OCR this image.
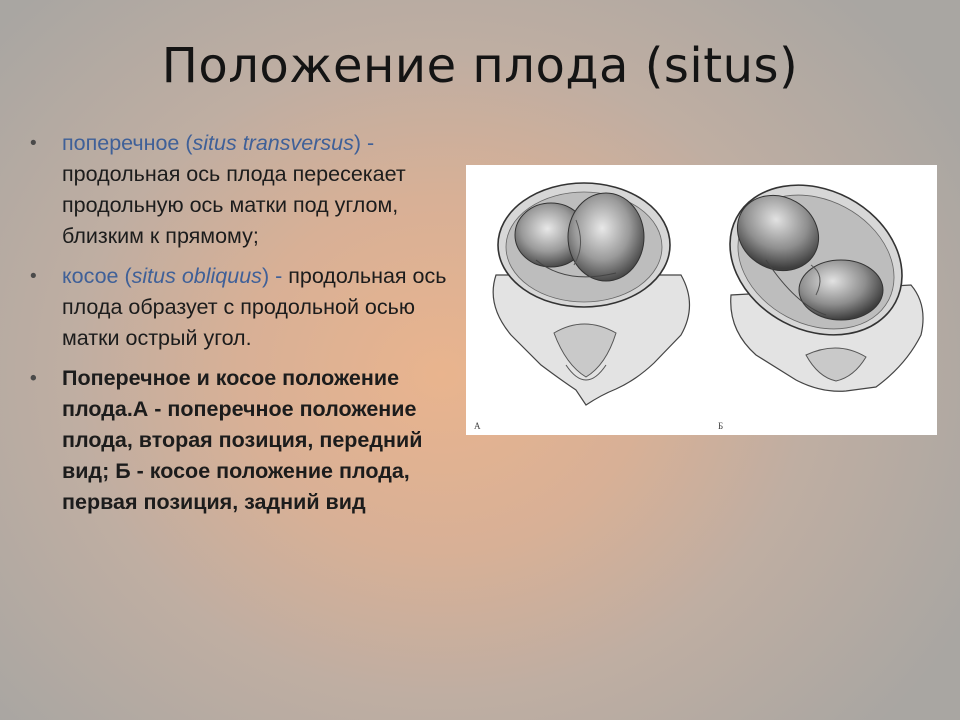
Положение плода (situs)
• поперечное (situs transversus) - продольная ось плода пересекает продольную ось матки под углом, близким к прямому;
• косое (situs obliquus) - продольная ось плода образует с продольной осью матки острый угол.
• Поперечное и косое положение плода.А - поперечное положение плода, вторая позиция, передний вид; Б - косое положение плода, первая позиция, задний вид
А	Б
